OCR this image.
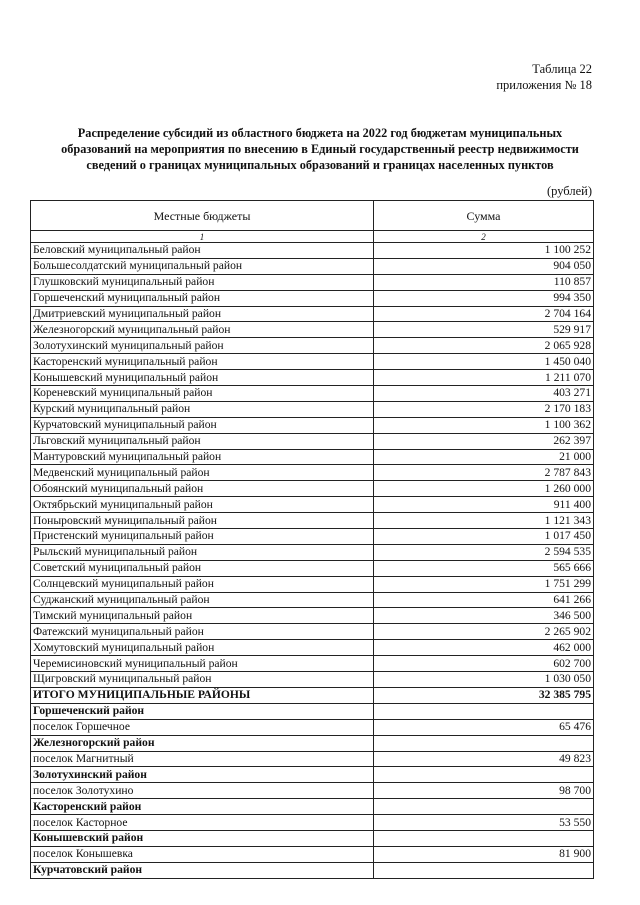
Таблица 22
приложения № 18
Распределение субсидий из областного бюджета на 2022 год бюджетам муниципальных
образований на мероприятия по внесению в Единый государственный реестр недвижимости
сведений о границах муниципальных образований и границах населенных пунктов
(рублей)
Местные бюджеты	Сумма
1	2
Беловский муниципальный район	1 100 252
Большесолдатский муниципальный район	904 050
Глушковский муниципальный район	110 857
Горшеченский муниципальный район	994 350
Дмитриевский муниципальный район	2 704 164
Железногорский муниципальный район	529 917
Золотухинский муниципальный район	2 065 928
Касторенский муниципальный район	1 450 040
Конышевский муниципальный район	1 211 070
Кореневский муниципальный район	403 271
Курский муниципальный район	2 170 183
Курчатовский муниципальный район	1 100 362
Льговский муниципальный район	262 397
Мантуровский муниципальный район	21 000
Медвенский муниципальный район	2 787 843
Обоянский муниципальный район	1 260 000
Октябрьский муниципальный район	911 400
Поныровский муниципальный район	1 121 343
Пристенский муниципальный район	1 017 450
Рыльский муниципальный район	2 594 535
Советский муниципальный район	565 666
Солнцевский муниципальный район	1 751 299
Суджанский муниципальный район	641 266
Тимский муниципальный район	346 500
Фатежский муниципальный район	2 265 902
Хомутовский муниципальный район	462 000
Черемисиновский муниципальный район	602 700
Щигровский муниципальный район	1 030 050
ИТОГО МУНИЦИПАЛЬНЫЕ РАЙОНЫ	32 385 795
Горшеченский район	
поселок Горшечное	65 476
Железногорский район	
поселок Магнитный	49 823
Золотухинский район	
поселок Золотухино	98 700
Касторенский район	
поселок Касторное	53 550
Конышевский район	
поселок Конышевка	81 900
Курчатовский район	
